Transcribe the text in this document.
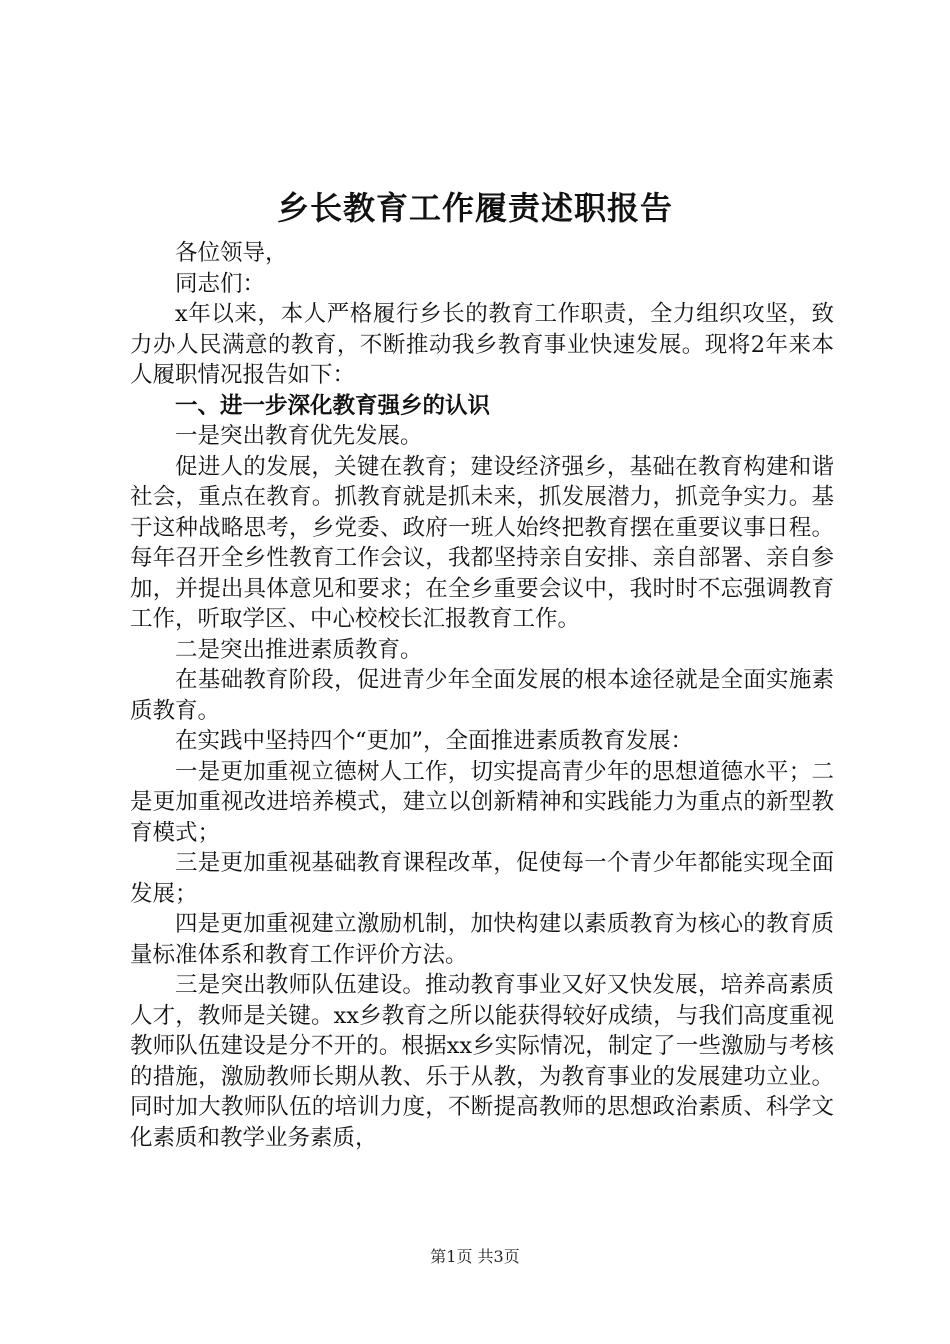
乡长教育工作履责述职报告

各位领导，

同志们：

x年以来，本人严格履行乡长的教育工作职责，全力组织攻坚，致力办人民满意的教育，不断推动我乡教育事业快速发展。现将2年来本人履职情况报告如下：

一、进一步深化教育强乡的认识

一是突出教育优先发展。

促进人的发展，关键在教育；建设经济强乡，基础在教育构建和谐社会，重点在教育。抓教育就是抓未来，抓发展潜力，抓竞争实力。基于这种战略思考，乡党委、政府一班人始终把教育摆在重要议事日程。每年召开全乡性教育工作会议，我都坚持亲自安排、亲自部署、亲自参加，并提出具体意见和要求；在全乡重要会议中，我时时不忘强调教育工作，听取学区、中心校校长汇报教育工作。

二是突出推进素质教育。

在基础教育阶段，促进青少年全面发展的根本途径就是全面实施素质教育。

在实践中坚持四个“更加”，全面推进素质教育发展：

一是更加重视立德树人工作，切实提高青少年的思想道德水平；二是更加重视改进培养模式，建立以创新精神和实践能力为重点的新型教育模式；

三是更加重视基础教育课程改革，促使每一个青少年都能实现全面发展；

四是更加重视建立激励机制，加快构建以素质教育为核心的教育质量标准体系和教育工作评价方法。

三是突出教师队伍建设。推动教育事业又好又快发展，培养高素质人才，教师是关键。xx乡教育之所以能获得较好成绩，与我们高度重视教师队伍建设是分不开的。根据xx乡实际情况，制定了一些激励与考核的措施，激励教师长期从教、乐于从教，为教育事业的发展建功立业。同时加大教师队伍的培训力度，不断提高教师的思想政治素质、科学文化素质和教学业务素质，

第1页 共3页
